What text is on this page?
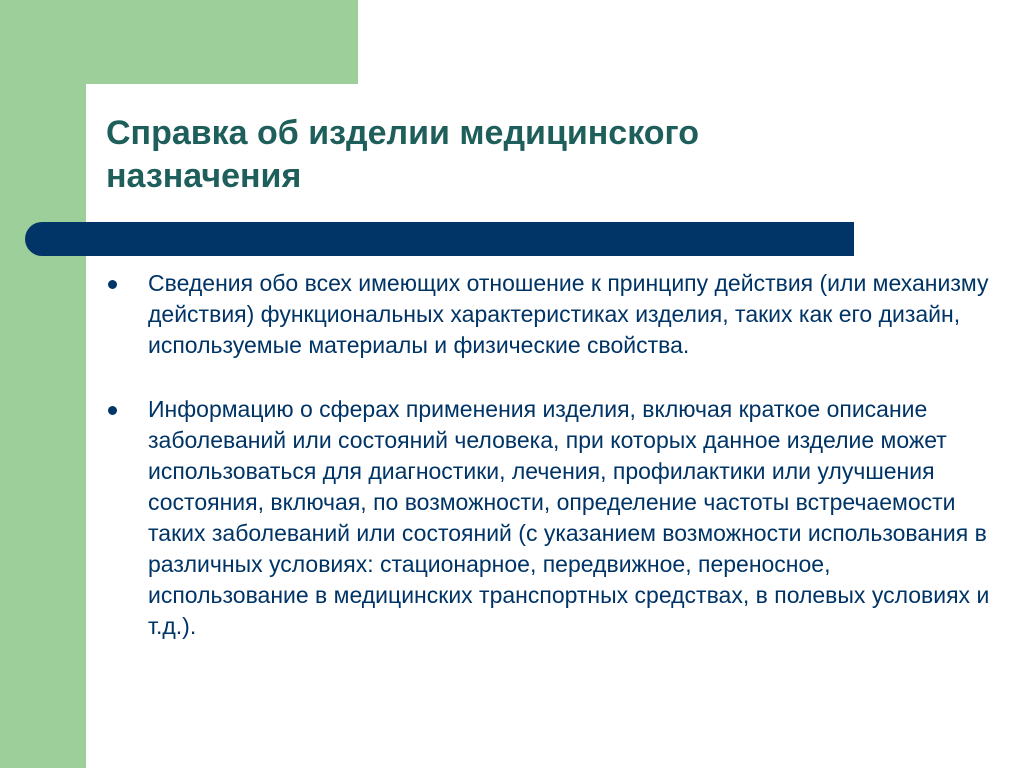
Справка об изделии медицинского назначения
Сведения обо всех имеющих отношение к принципу действия (или механизму действия) функциональных характеристиках изделия, таких как его дизайн, используемые материалы и физические свойства.
Информацию о сферах применения изделия, включая краткое описание заболеваний или состояний человека, при которых данное изделие может использоваться для диагностики, лечения, профилактики или улучшения состояния, включая, по возможности, определение частоты встречаемости таких заболеваний или состояний (с указанием возможности использования в различных условиях: стационарное, передвижное, переносное, использование в медицинских транспортных средствах, в полевых условиях и т.д.).
